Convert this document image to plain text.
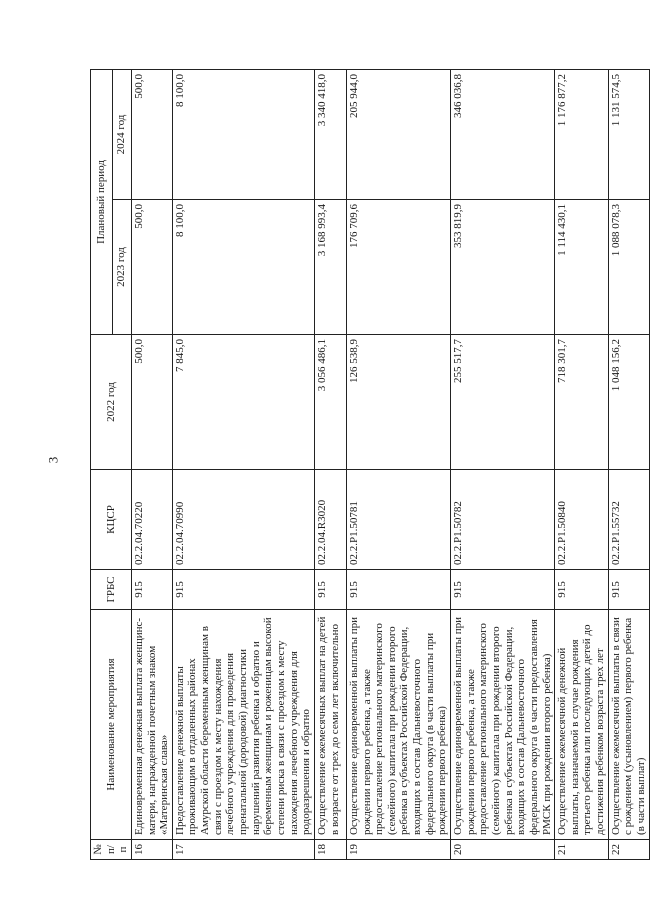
3
№ п/п	Наименование мероприятия	ГРБС	КЦСР	2022 год	Плановый период	
					2023 год	2024 год
16	Единовременная денежная выплата женщинс-матери, награжденной почетным знаком «Материнская слава»	915	02.2.04.70220	500,0	500,0	500,0
17	Предоставление денежной выплаты проживающим в отдаленных районах Амурской области беременным женщинам в связи с проездом к месту нахождения лечебного учреждения для проведения пренатальной (дородовой) диагностики нарушений развития ребенка и обратно и беременным женщинам и роженицам высокой степени риска в связи с проездом к месту нахождения лечебного учреждения для родоразрешения и обратно	915	02.2.04.70990	7 845,0	8 100,0	8 100,0
18	Осуществление ежемесячных выплат на детей в возрасте от трех до семи лет включительно	915	02.2.04.R3020	3 056 486,1	3 168 993,4	3 340 418,0
19	Осуществление единовременной выплаты при рождении первого ребенка, а также предоставление регионального материнского (семейного) капитала при рождении второго ребенка в субъектах Российской Федерации, входящих в состав Дальневосточного федерального округа (в части выплаты при рождении первого ребенка)	915	02.2.P1.50781	126 538,9	176 709,6	205 944,0
20	Осуществление единовременной выплаты при рождении первого ребенка, а также предоставление регионального материнского (семейного) капитала при рождении второго ребенка в субъектах Российской Федерации, входящих в состав Дальневосточного федерального округа (в части предоставления РМСК при рождении второго ребенка)	915	02.2.P1.50782	255 517,7	353 819,9	346 036,8
21	Осуществление ежемесячной денежной выплаты, назначаемой в случае рождения третьего ребенка или последующих детей до достижения ребенком возраста трех лет	915	02.2.P1.50840	718 301,7	1 114 430,1	1 176 877,2
22	Осуществление ежемесячной выплаты в связи с рождением (усыновлением) первого ребенка (в части выплат)	915	02.2.P1.55732	1 048 156,2	1 088 078,3	1 131 574,5
